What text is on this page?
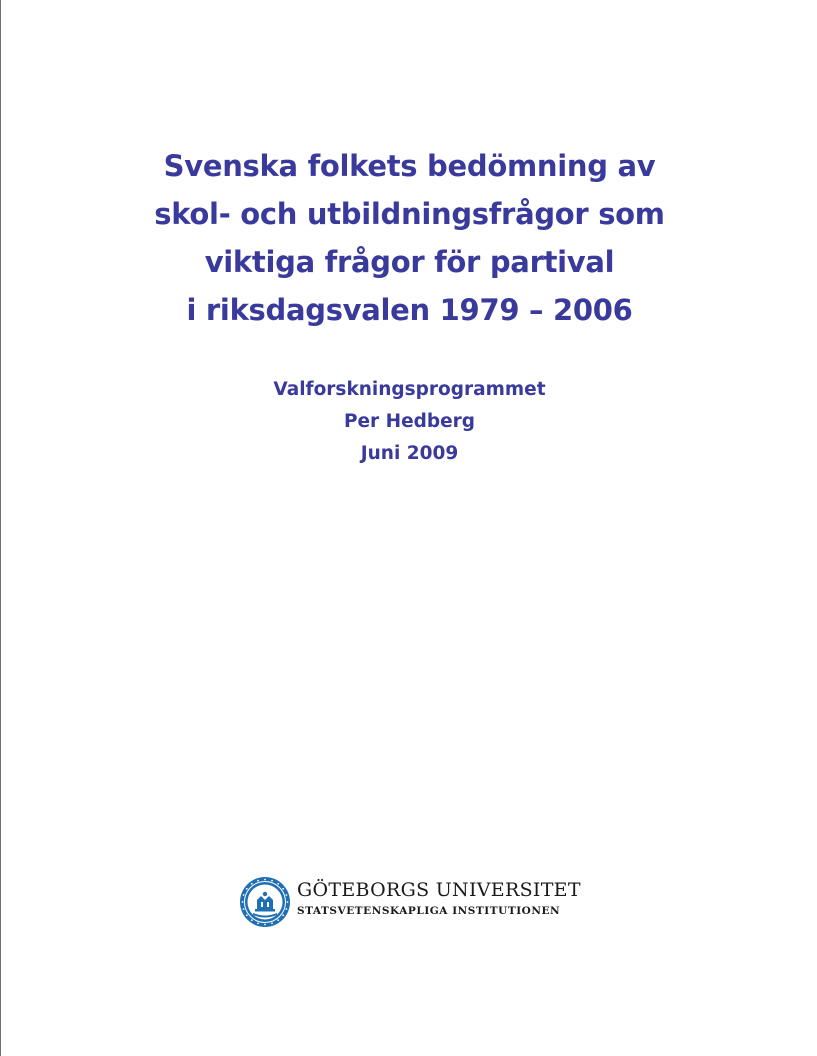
Svenska folkets bedömning av
skol- och utbildningsfrågor som
viktiga frågor för partival
i riksdagsvalen 1979 – 2006
Valforskningsprogrammet
Per Hedberg
Juni 2009
GÖTEBORGS UNIVERSITET
STATSVETENSKAPLIGA INSTITUTIONEN
